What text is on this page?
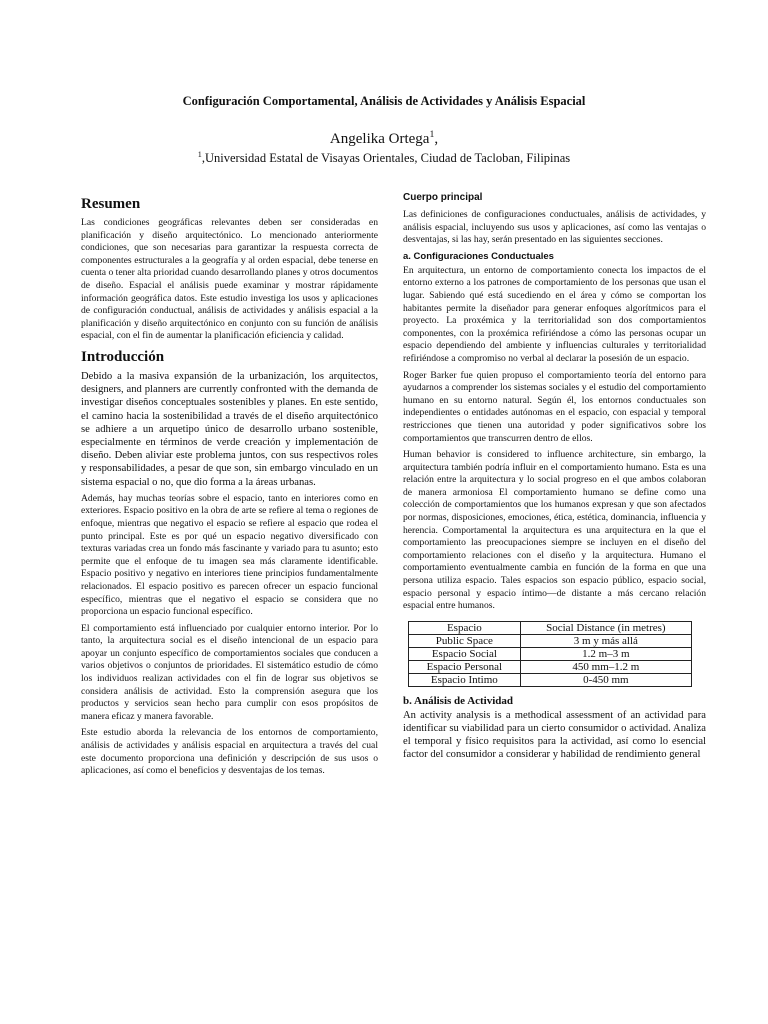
Configuración Comportamental, Análisis de Actividades y Análisis Espacial
Angelika Ortega$^1$,
$^1$,Universidad Estatal de Visayas Orientales, Ciudad de Tacloban, Filipinas
Resumen

Las condiciones geográficas relevantes deben ser consideradas en planificación y diseño arquitectónico. Lo mencionado anteriormente condiciones, que son necesarias para garantizar la respuesta correcta de componentes estructurales a la geografía y al orden espacial, debe tenerse en cuenta o tener alta prioridad cuando desarrollando planes y otros documentos de diseño. Espacial el análisis puede examinar y mostrar rápidamente información geográfica datos. Este estudio investiga los usos y aplicaciones de configuración conductual, análisis de actividades y análisis espacial a la planificación y diseño arquitectónico en conjunto con su función de análisis espacial, con el fin de aumentar la planificación eficiencia y calidad.

Introducción

Debido a la masiva expansión de la urbanización, los arquitectos, designers, and planners are currently confronted with the demanda de investigar diseños conceptuales sostenibles y planes. En este sentido, el camino hacia la sostenibilidad a través de el diseño arquitectónico se adhiere a un arquetipo único de desarrollo urbano sostenible, especialmente en términos de verde creación y implementación de diseño. Deben aliviar este problema juntos, con sus respectivos roles y responsabilidades, a pesar de que son, sin embargo vinculado en un sistema espacial o no, que dio forma a la áreas urbanas.

Además, hay muchas teorías sobre el espacio, tanto en interiores como en exteriores. Espacio positivo en la obra de arte se refiere al tema o regiones de enfoque, mientras que negativo el espacio se refiere al espacio que rodea el punto principal. Este es por qué un espacio negativo diversificado con texturas variadas crea un fondo más fascinante y variado para tu asunto; esto permite que el enfoque de tu imagen sea más claramente identificable. Espacio positivo y negativo en interiores tiene principios fundamentalmente relacionados. El espacio positivo es parecen ofrecer un espacio funcional específico, mientras que el negativo el espacio se considera que no proporciona un espacio funcional específico.

El comportamiento está influenciado por cualquier entorno interior. Por lo tanto, la arquitectura social es el diseño intencional de un espacio para apoyar un conjunto específico de comportamientos sociales que conducen a varios objetivos o conjuntos de prioridades. El sistemático estudio de cómo los individuos realizan actividades con el fin de lograr sus objetivos se considera análisis de actividad. Esto la comprensión asegura que los productos y servicios sean hecho para cumplir con esos propósitos de manera eficaz y manera favorable.

Este estudio aborda la relevancia de los entornos de comportamiento, análisis de actividades y análisis espacial en arquitectura a través del cual este documento proporciona una definición y descripción de sus usos o aplicaciones, así como el beneficios y desventajas de los temas.

Cuerpo principal

Las definiciones de configuraciones conductuales, análisis de actividades, y análisis espacial, incluyendo sus usos y aplicaciones, así como las ventajas o desventajas, si las hay, serán presentado en las siguientes secciones.

a. Configuraciones Conductuales

En arquitectura, un entorno de comportamiento conecta los impactos de el entorno externo a los patrones de comportamiento de los personas que usan el lugar. Sabiendo qué está sucediendo en el área y cómo se comportan los habitantes permite la diseñador para generar enfoques algorítmicos para el proyecto. La proxémica y la territorialidad son dos comportamientos componentes, con la proxémica refiriéndose a cómo las personas ocupar un espacio dependiendo del ambiente y influencias culturales y territorialidad refiriéndose a compromiso no verbal al declarar la posesión de un espacio.

Roger Barker fue quien propuso el comportamiento teoría del entorno para ayudarnos a comprender los sistemas sociales y el estudio del comportamiento humano en su entorno natural. Según él, los entornos conductuales son independientes o entidades autónomas en el espacio, con espacial y temporal restricciones que tienen una autoridad y poder significativos sobre los comportamientos que transcurren dentro de ellos.

Human behavior is considered to influence architecture, sin embargo, la arquitectura también podría influir en el comportamiento humano. Esta es una relación entre la arquitectura y lo social progreso en el que ambos colaboran de manera armoniosa El comportamiento humano se define como una colección de comportamientos que los humanos expresan y que son afectados por normas, disposiciones, emociones, ética, estética, dominancia, influencia y herencia. Comportamental la arquitectura es una arquitectura en la que el comportamiento las preocupaciones siempre se incluyen en el diseño del comportamiento relaciones con el diseño y la arquitectura. Humano el comportamiento eventualmente cambia en función de la forma en que una persona utiliza espacio. Tales espacios son espacio público, espacio social, espacio personal y espacio íntimo—de distante a más cercano relación espacial entre humanos.

Espacio	Social Distance (in metres)
Public Space	3 m y más allá
Espacio Social	1.2 m–3 m
Espacio Personal	450 mm–1.2 m
Espacio Intimo	0-450 mm
b. Análisis de Actividad

An activity analysis is a methodical assessment of an actividad para identificar su viabilidad para un cierto consumidor o actividad. Analiza el temporal y físico requisitos para la actividad, así como lo esencial factor del consumidor a considerar y habilidad de rendimiento general
